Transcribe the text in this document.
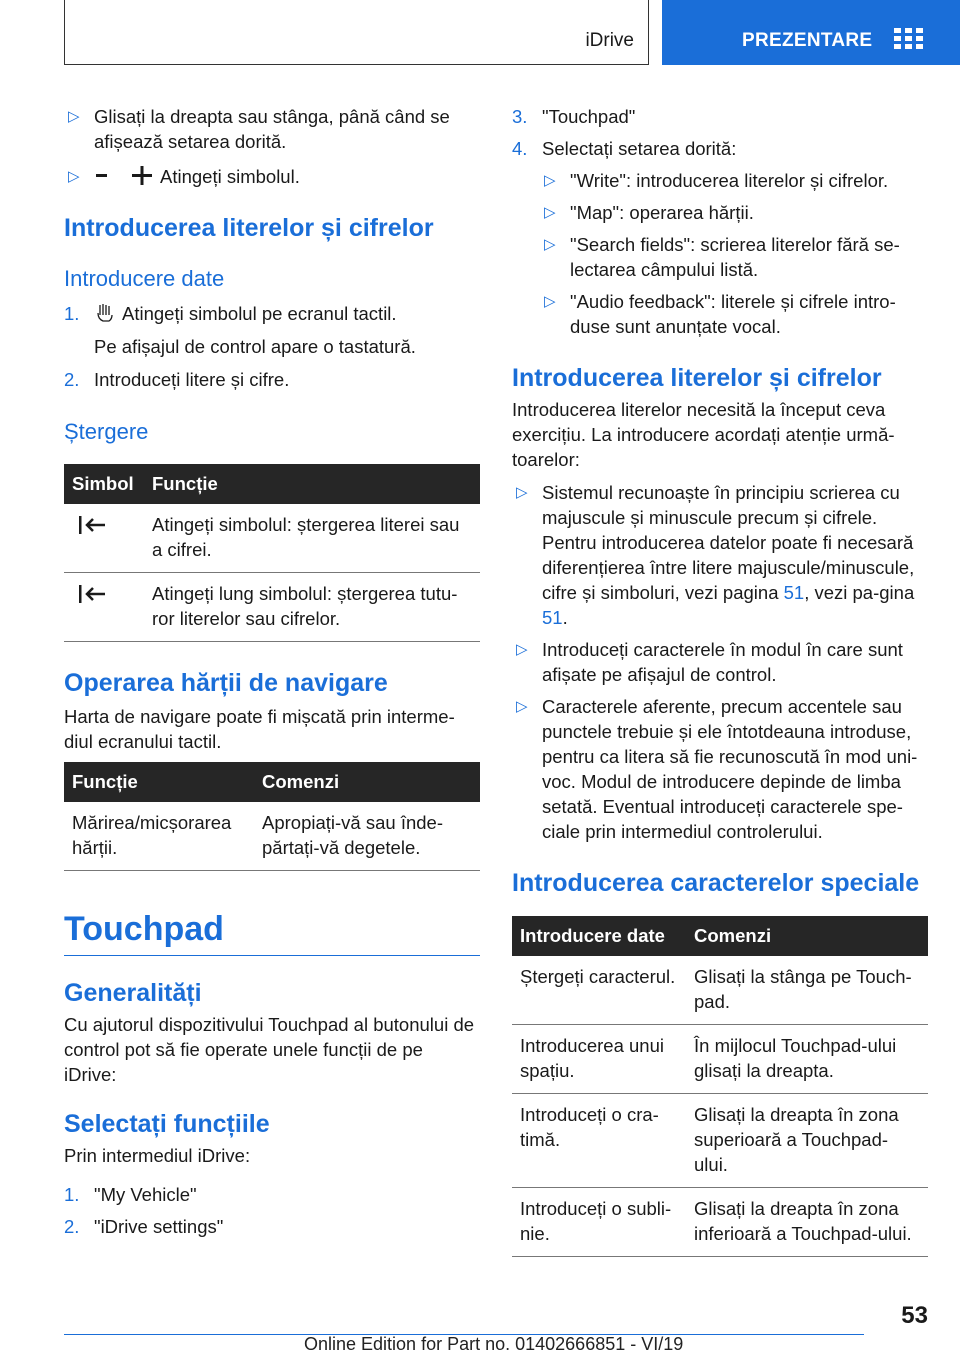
iDrive	PREZENTARE

▷ Glisați la dreapta sau stânga, până când se afișează setarea dorită.

▷ Atingeți simbolul.

Introducerea literelor și cifrelor
Introducere date

1. Atingeți simbolul pe ecranul tactil.

Pe afișajul de control apare o tastatură.

2. Introduceți litere și cifre.

Ștergere
Simbol	Funcție
	Atingeți simbolul: ștergerea literei sau a cifrei.
	Atingeți lung simbolul: ștergerea tutu-ror literelor sau cifrelor.
Operarea hărții de navigare

Harta de navigare poate fi mișcată prin interme-diul ecranului tactil.

Funcție	Comenzi
Mărirea/micșorarea hărții.	Apropiați-vă sau înde-părtați-vă degetele.
Touchpad
Generalități

Cu ajutorul dispozitivului Touchpad al butonului de control pot să fie operate unele funcții de pe iDrive:

Selectați funcțiile

Prin intermediul iDrive:

1. "My Vehicle"

2. "iDrive settings"

3. "Touchpad"

4. Selectați setarea dorită:

▷ "Write": introducerea literelor și cifrelor.

▷ "Map": operarea hărții.

▷ "Search fields": scrierea literelor fără se-lectarea câmpului listă.

▷ "Audio feedback": literele și cifrele intro-duse sunt anunțate vocal.

Introducerea literelor și cifrelor

Introducerea literelor necesită la început ceva exercițiu. La introducere acordați atenție urmă-toarelor:

▷ Sistemul recunoaște în principiu scrierea cu majuscule și minuscule precum și cifrele. Pentru introducerea datelor poate fi necesară diferențierea între litere majuscule/minuscule, cifre și simboluri, vezi pagina 51, vezi pa-gina 51.

▷ Introduceți caracterele în modul în care sunt afișate pe afișajul de control.

▷ Caracterele aferente, precum accentele sau punctele trebuie și ele întotdeauna introduse, pentru ca litera să fie recunoscută în mod uni-voc. Modul de introducere depinde de limba setată. Eventual introduceți caracterele spe-ciale prin intermediul controlerului.

Introducerea caracterelor speciale
Introducere date	Comenzi
Ștergeți caracterul.	Glisați la stânga pe Touch-pad.
Introducerea unui spațiu.	În mijlocul Touchpad-ului glisați la dreapta.
Introduceți o cra-timă.	Glisați la dreapta în zona superioară a Touchpad-ului.
Introduceți o subli-nie.	Glisați la dreapta în zona inferioară a Touchpad-ului.
53
Online Edition for Part no. 01402666851 - VI/19
